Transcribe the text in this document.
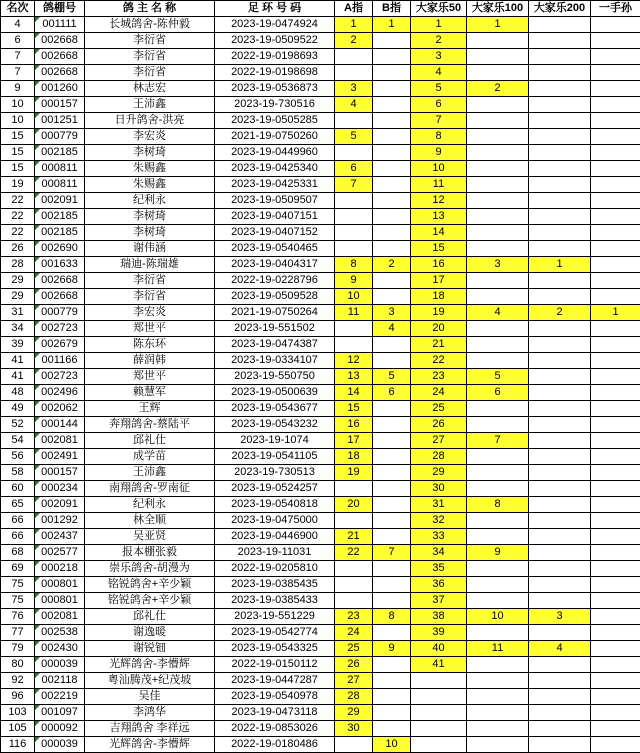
名次	鸽棚号	鸽 主 名 称	足 环 号 码	A指	B指	大家乐50	大家乐100	大家乐200	一手孙
4	001111	长城鸽舍-陈仲毅	2023-19-0474924	1	1	1	1		
6	002668	李衍省	2023-19-0509522	2		2			
7	002668	李衍省	2022-19-0198693			3			
7	002668	李衍省	2022-19-0198698			4			
9	001260	林志宏	2023-19-0536873	3		5	2		
10	000157	王沛鑫	2023-19-730516	4		6			
10	001251	日升鸽舍-洪亮	2023-19-0505285			7			
15	000779	李宏炎	2021-19-0750260	5		8			
15	002185	李树琦	2023-19-0449960			9			
15	000811	朱赐鑫	2023-19-0425340	6		10			
19	000811	朱赐鑫	2023-19-0425331	7		11			
22	002091	纪利永	2023-19-0509507			12			
22	002185	李树琦	2023-19-0407151			13			
22	002185	李树琦	2023-19-0407152			14			
26	002690	谢伟涵	2023-19-0540465			15			
28	001633	瑞迪-陈瑞雄	2023-19-0404317	8	2	16	3	1	
29	002668	李衍省	2022-19-0228796	9		17			
29	002668	李衍省	2023-19-0509528	10		18			
31	000779	李宏炎	2021-19-0750264	11	3	19	4	2	1
34	002723	郑世平	2023-19-551502		4	20			
39	002679	陈东环	2023-19-0474387			21			
41	001166	薛润韩	2023-19-0334107	12		22			
41	002723	郑世平	2023-19-550750	13	5	23	5		
48	002496	赖慧军	2023-19-0500639	14	6	24	6		
49	002062	王辉	2023-19-0543677	15		25			
52	000144	奔翔鸽舍-蔡陆平	2023-19-0543232	16		26			
54	002081	邱礼仕	2023-19-1074	17		27	7		
56	002491	成学苗	2023-19-0541105	18		28			
58	000157	王沛鑫	2023-19-730513	19		29			
60	000234	南翔鸽舍-罗南征	2023-19-0524257			30			
65	002091	纪利永	2023-19-0540818	20		31	8		
66	001292	林全顺	2023-19-0475000			32			
66	002437	吴亚贤	2023-19-0446900	21		33			
68	002577	报本棚张毅	2023-19-11031	22	7	34	9		
69	000218	崇乐鸽舍-胡漫为	2022-19-0205810			35			
75	000801	铭锐鸽舍+辛少颖	2023-19-0385435			36			
75	000801	铭锐鸽舍+辛少颖	2023-19-0385433			37			
76	002081	邱礼仕	2023-19-551229	23	8	38	10	3	
77	002538	谢逸暖	2023-19-0542774	24		39			
79	002430	谢锐钿	2023-19-0543325	25	9	40	11	4	
80	000039	光辉鸽舍-李懵辉	2022-19-0150112	26		41			
92	002118	粤汕腾茂+纪茂坡	2023-19-0447287	27					
96	002219	吴佳	2023-19-0540978	28					
103	001097	李鸿华	2023-19-0473118	29					
105	000092	吉翔鸽舍 李祥远	2022-19-0853026	30					
116	000039	光辉鸽舍-李懵辉	2022-19-0180486		10				
